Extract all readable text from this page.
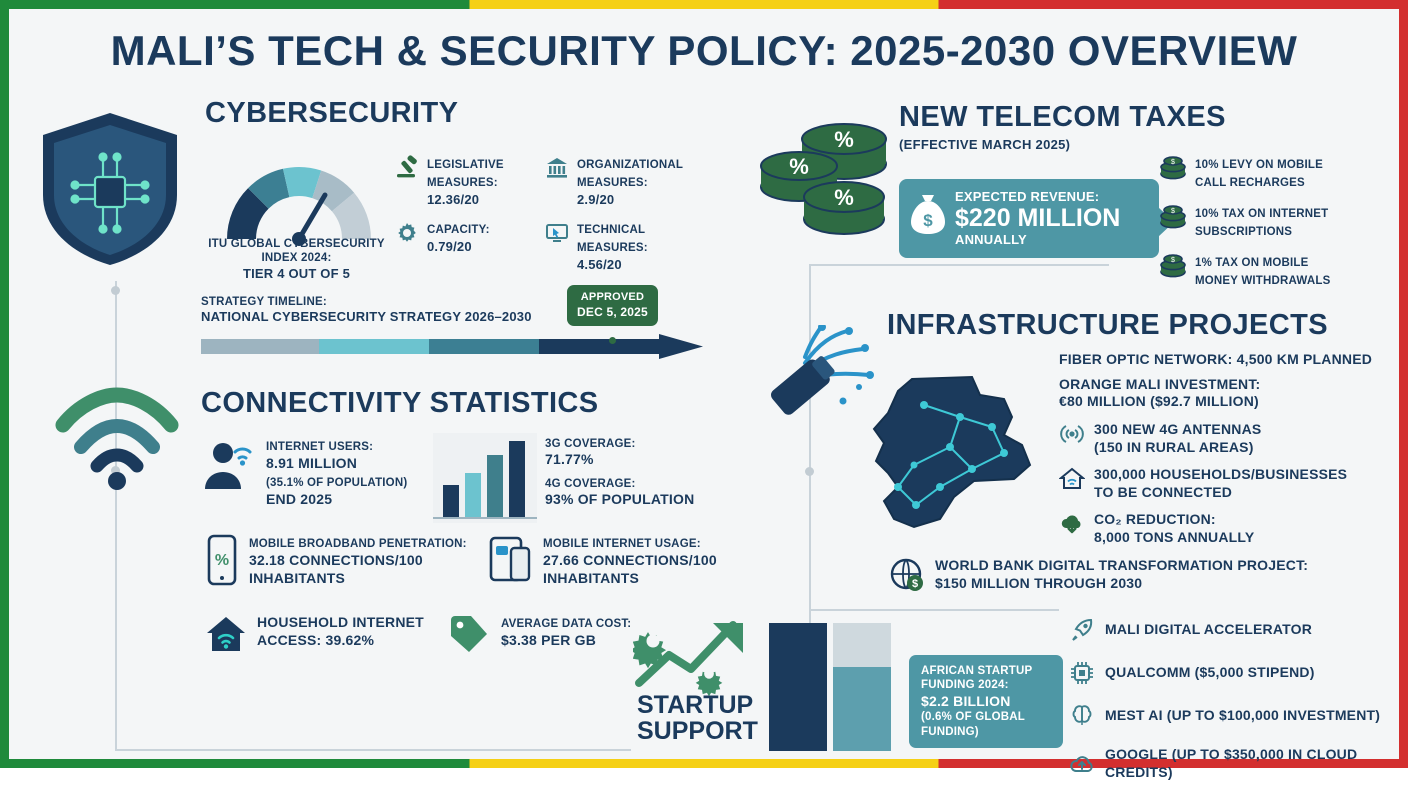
MALI’S TECH & SECURITY POLICY: 2025-2030 OVERVIEW
CYBERSECURITY
ITU GLOBAL CYBERSECURITY
INDEX 2024:
TIER 4 OUT OF 5
LEGISLATIVE MEASURES:
12.36/20
CAPACITY:
0.79/20
ORGANIZATIONAL MEASURES:
2.9/20
TECHNICAL MEASURES:
4.56/20
STRATEGY TIMELINE:
NATIONAL CYBERSECURITY STRATEGY 2026–2030
APPROVED
DEC 5, 2025
NEW TELECOM TAXES
(EFFECTIVE MARCH 2025)
%
%
%
$
EXPECTED REVENUE:
$220 MILLION
ANNUALLY
$ 10% LEVY ON MOBILE
CALL RECHARGES
$ 10% TAX ON INTERNET
SUBSCRIPTIONS
$ 1% TAX ON MOBILE
MONEY WITHDRAWALS
INFRASTRUCTURE PROJECTS
FIBER OPTIC NETWORK: 4,500 KM PLANNED
ORANGE MALI INVESTMENT:
€80 MILLION ($92.7 MILLION)
300 NEW 4G ANTENNAS
(150 IN RURAL AREAS)
300,000 HOUSEHOLDS/BUSINESSES
TO BE CONNECTED
CO₂ REDUCTION:
8,000 TONS ANNUALLY
$
WORLD BANK DIGITAL TRANSFORMATION PROJECT:
$150 MILLION THROUGH 2030
CONNECTIVITY STATISTICS
INTERNET USERS:
8.91 MILLION
(35.1% OF POPULATION)
END 2025
3G COVERAGE:
71.77%
4G COVERAGE:
93% OF POPULATION
%
MOBILE BROADBAND PENETRATION:
32.18 CONNECTIONS/100
INHABITANTS
MOBILE INTERNET USAGE:
27.66 CONNECTIONS/100
INHABITANTS
HOUSEHOLD INTERNET
ACCESS: 39.62%
AVERAGE DATA COST:
$3.38 PER GB
STARTUP
SUPPORT
AFRICAN STARTUP
FUNDING 2024:
$2.2 BILLION
(0.6% OF GLOBAL
FUNDING)
MALI DIGITAL ACCELERATOR
QUALCOMM ($5,000 STIPEND)
MEST AI (UP TO $100,000 INVESTMENT)
GOOGLE (UP TO $350,000 IN CLOUD CREDITS)
